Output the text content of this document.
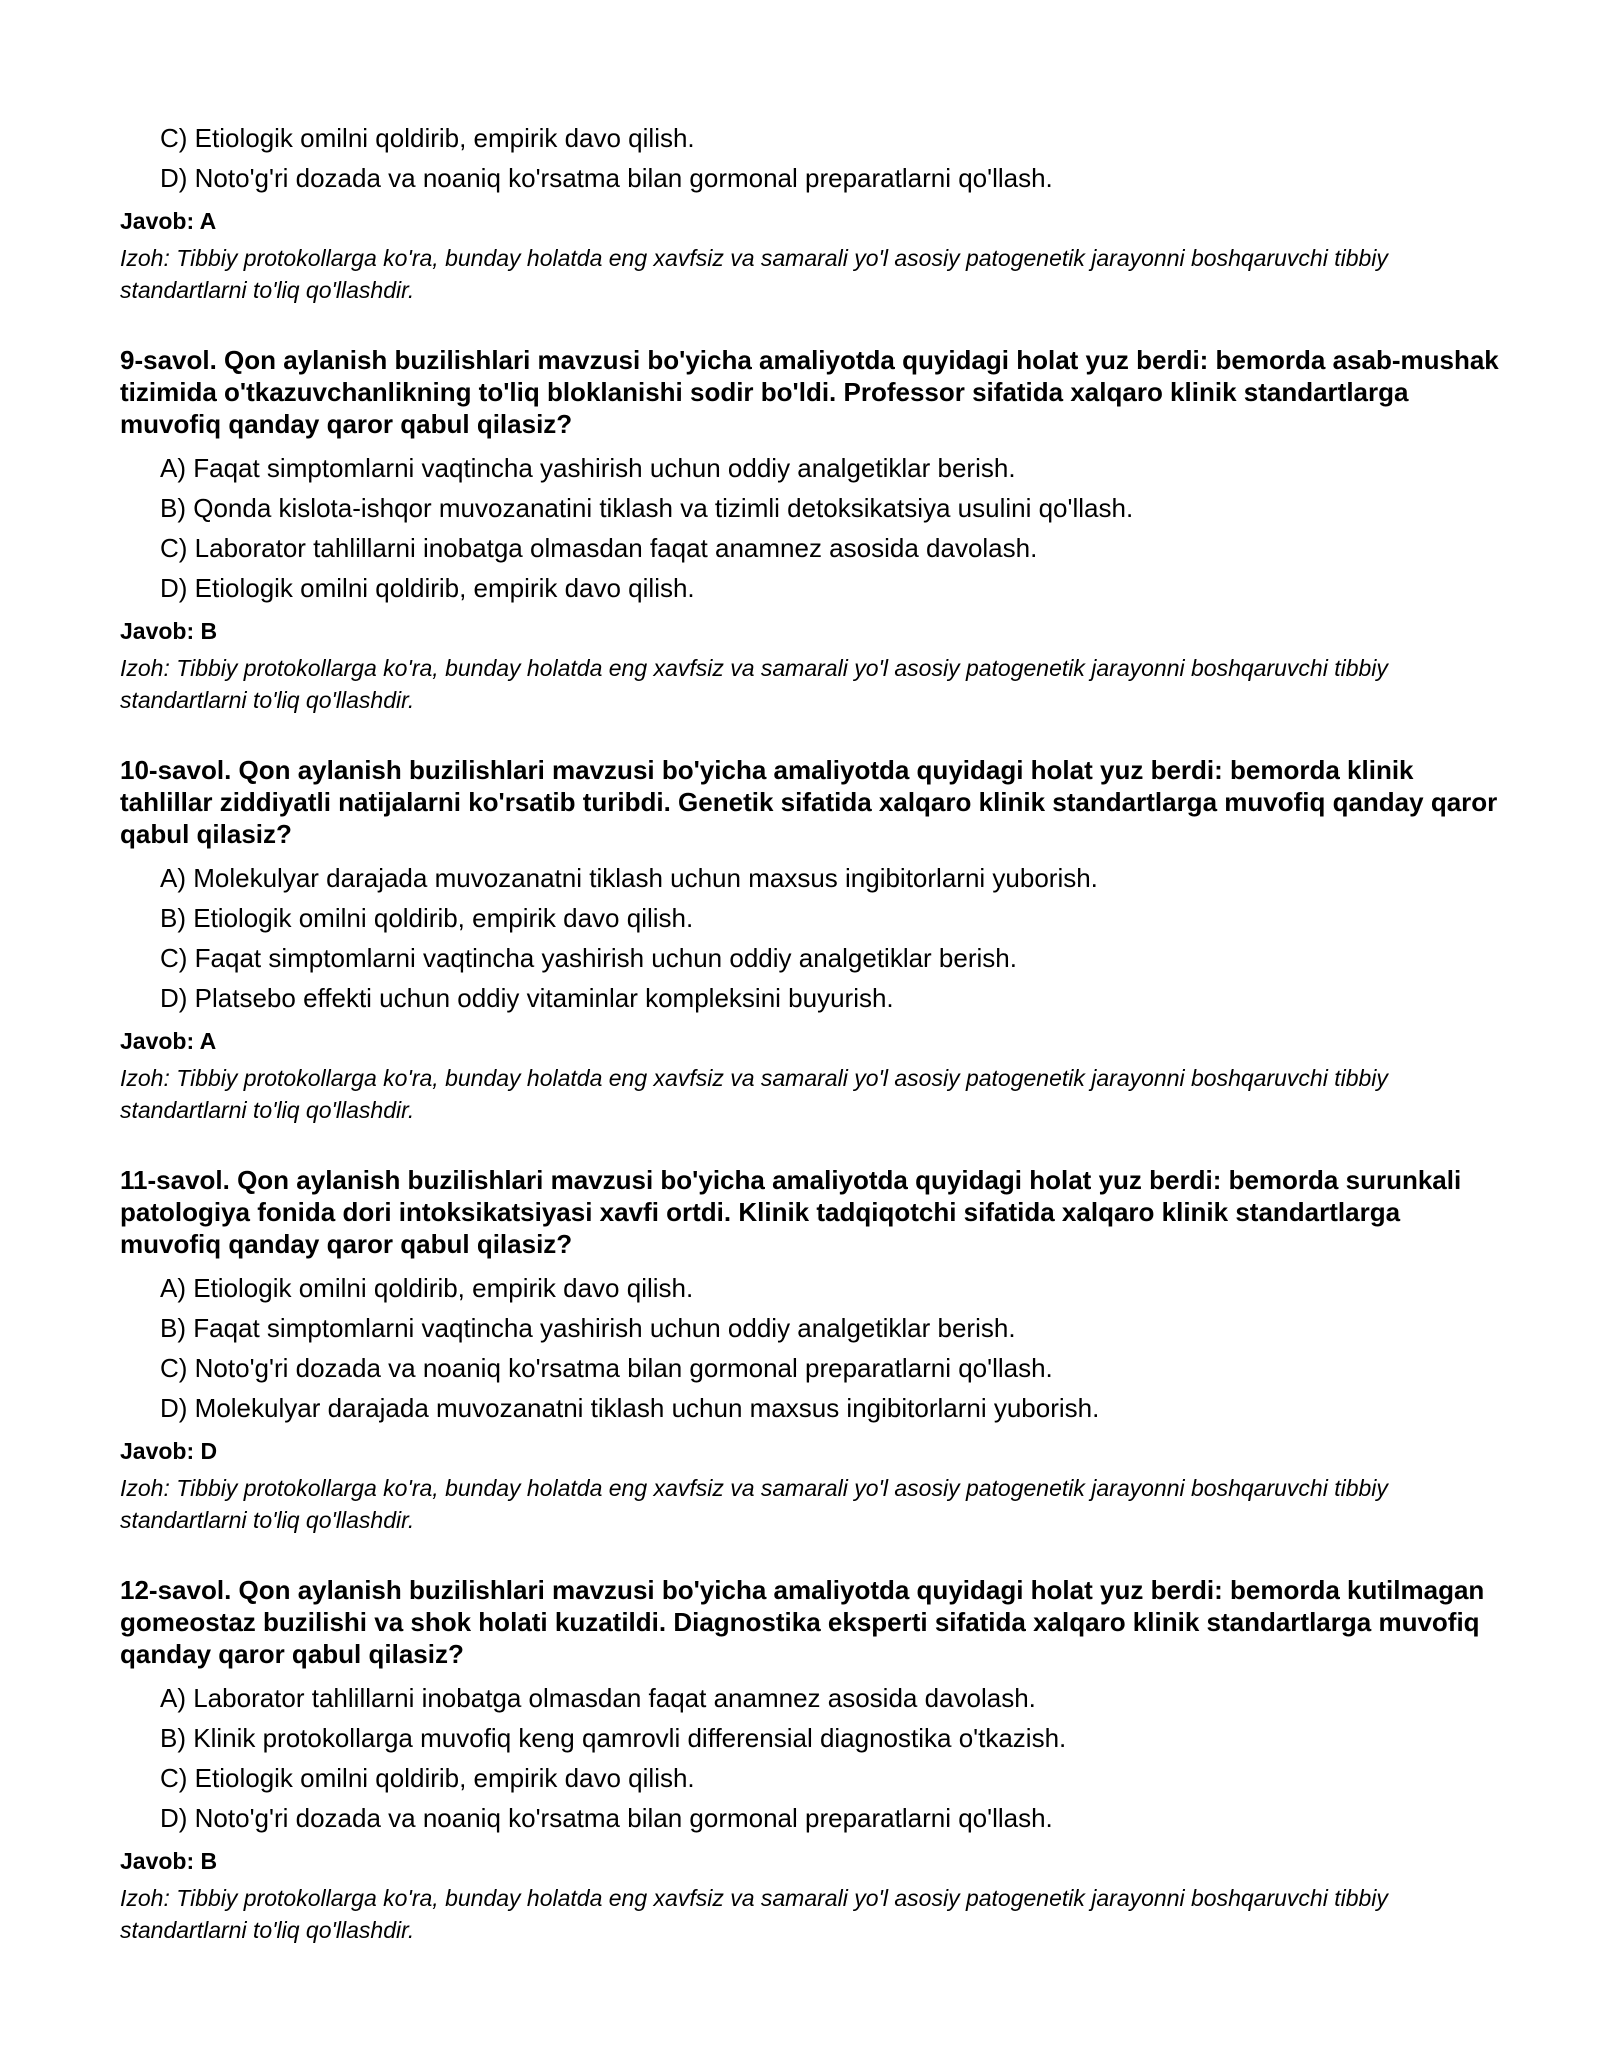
C) Etiologik omilni qoldirib, empirik davo qilish.
D) Noto'g'ri dozada va noaniq ko'rsatma bilan gormonal preparatlarni qo'llash.
Javob: A
Izoh: Tibbiy protokollarga ko'ra, bunday holatda eng xavfsiz va samarali yo'l asosiy patogenetik jarayonni boshqaruvchi tibbiy standartlarni to'liq qo'llashdir.

9-savol. Qon aylanish buzilishlari mavzusi bo'yicha amaliyotda quyidagi holat yuz berdi: bemorda asab-mushak tizimida o'tkazuvchanlikning to'liq bloklanishi sodir bo'ldi. Professor sifatida xalqaro klinik standartlarga muvofiq qanday qaror qabul qilasiz?

A) Faqat simptomlarni vaqtincha yashirish uchun oddiy analgetiklar berish.
B) Qonda kislota-ishqor muvozanatini tiklash va tizimli detoksikatsiya usulini qo'llash.
C) Laborator tahlillarni inobatga olmasdan faqat anamnez asosida davolash.
D) Etiologik omilni qoldirib, empirik davo qilish.
Javob: B
Izoh: Tibbiy protokollarga ko'ra, bunday holatda eng xavfsiz va samarali yo'l asosiy patogenetik jarayonni boshqaruvchi tibbiy standartlarni to'liq qo'llashdir.

10-savol. Qon aylanish buzilishlari mavzusi bo'yicha amaliyotda quyidagi holat yuz berdi: bemorda klinik tahlillar ziddiyatli natijalarni ko'rsatib turibdi. Genetik sifatida xalqaro klinik standartlarga muvofiq qanday qaror qabul qilasiz?

A) Molekulyar darajada muvozanatni tiklash uchun maxsus ingibitorlarni yuborish.
B) Etiologik omilni qoldirib, empirik davo qilish.
C) Faqat simptomlarni vaqtincha yashirish uchun oddiy analgetiklar berish.
D) Platsebo effekti uchun oddiy vitaminlar kompleksini buyurish.
Javob: A
Izoh: Tibbiy protokollarga ko'ra, bunday holatda eng xavfsiz va samarali yo'l asosiy patogenetik jarayonni boshqaruvchi tibbiy standartlarni to'liq qo'llashdir.

11-savol. Qon aylanish buzilishlari mavzusi bo'yicha amaliyotda quyidagi holat yuz berdi: bemorda surunkali patologiya fonida dori intoksikatsiyasi xavfi ortdi. Klinik tadqiqotchi sifatida xalqaro klinik standartlarga muvofiq qanday qaror qabul qilasiz?

A) Etiologik omilni qoldirib, empirik davo qilish.
B) Faqat simptomlarni vaqtincha yashirish uchun oddiy analgetiklar berish.
C) Noto'g'ri dozada va noaniq ko'rsatma bilan gormonal preparatlarni qo'llash.
D) Molekulyar darajada muvozanatni tiklash uchun maxsus ingibitorlarni yuborish.
Javob: D
Izoh: Tibbiy protokollarga ko'ra, bunday holatda eng xavfsiz va samarali yo'l asosiy patogenetik jarayonni boshqaruvchi tibbiy standartlarni to'liq qo'llashdir.

12-savol. Qon aylanish buzilishlari mavzusi bo'yicha amaliyotda quyidagi holat yuz berdi: bemorda kutilmagan gomeostaz buzilishi va shok holati kuzatildi. Diagnostika eksperti sifatida xalqaro klinik standartlarga muvofiq qanday qaror qabul qilasiz?

A) Laborator tahlillarni inobatga olmasdan faqat anamnez asosida davolash.
B) Klinik protokollarga muvofiq keng qamrovli differensial diagnostika o'tkazish.
C) Etiologik omilni qoldirib, empirik davo qilish.
D) Noto'g'ri dozada va noaniq ko'rsatma bilan gormonal preparatlarni qo'llash.
Javob: B
Izoh: Tibbiy protokollarga ko'ra, bunday holatda eng xavfsiz va samarali yo'l asosiy patogenetik jarayonni boshqaruvchi tibbiy standartlarni to'liq qo'llashdir.
